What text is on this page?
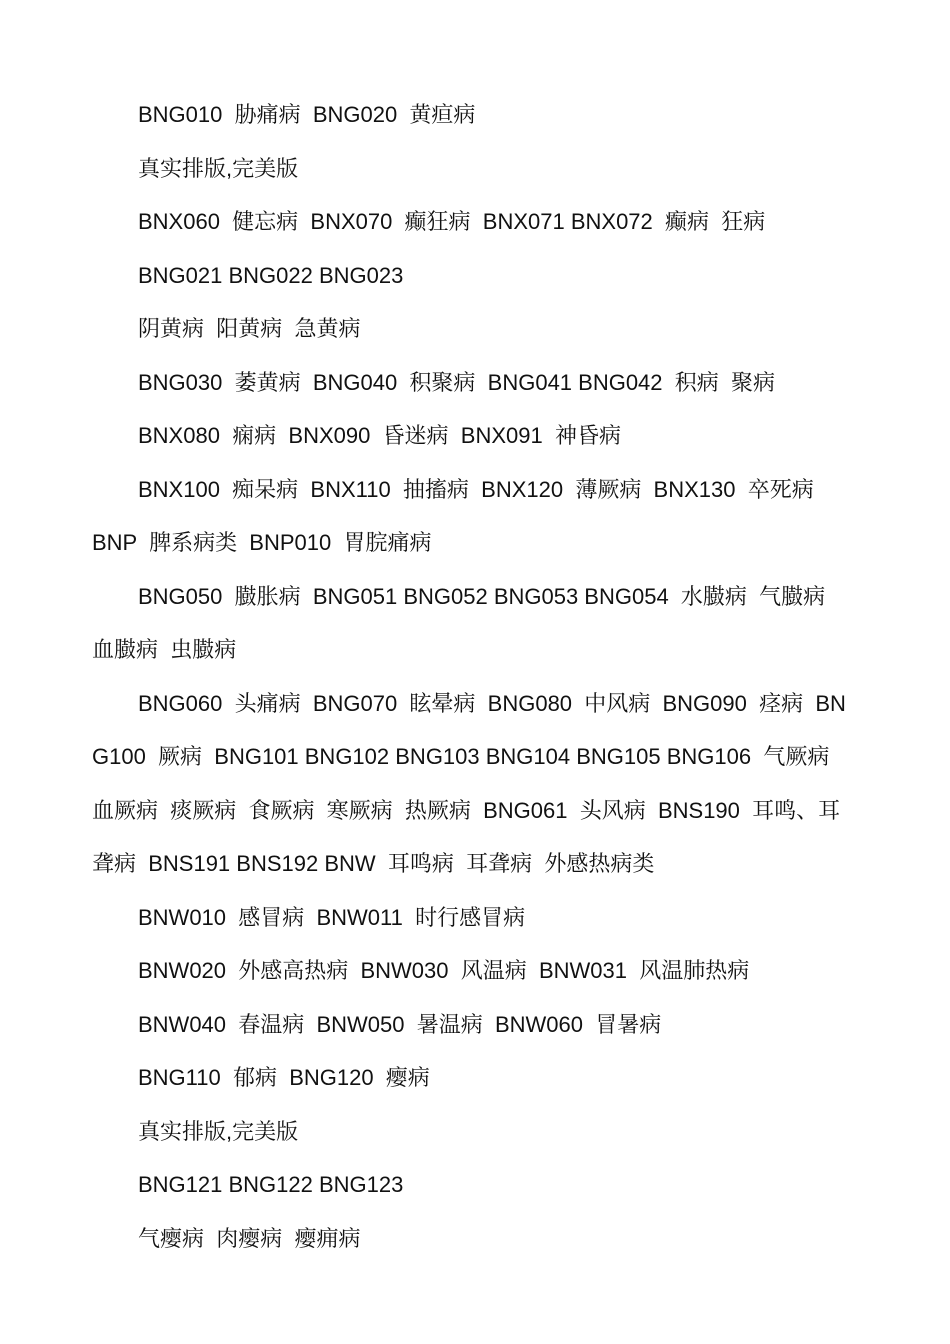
BNG010  胁痛病  BNG020  黄疸病

真实排版,完美版

BNX060  健忘病  BNX070  癫狂病  BNX071 BNX072  癫病  狂病

BNG021 BNG022 BNG023

阴黄病  阳黄病  急黄病

BNG030  萎黄病  BNG040  积聚病  BNG041 BNG042  积病  聚病

BNX080  痫病  BNX090  昏迷病  BNX091  神昏病

BNX100  痴呆病  BNX110  抽搐病  BNX120  薄厥病  BNX130  卒死病

BNP  脾系病类  BNP010  胃脘痛病

BNG050  臌胀病  BNG051 BNG052 BNG053 BNG054  水臌病  气臌病  血臌病  虫臌病

BNG060  头痛病  BNG070  眩晕病  BNG080  中风病  BNG090  痉病  BNG100  厥病  BNG101 BNG102 BNG103 BNG104 BNG105 BNG106  气厥病  血厥病  痰厥病  食厥病  寒厥病  热厥病  BNG061  头风病  BNS190  耳鸣、耳聋病  BNS191 BNS192 BNW  耳鸣病  耳聋病  外感热病类

BNW010  感冒病  BNW011  时行感冒病

BNW020  外感高热病  BNW030  风温病  BNW031  风温肺热病

BNW040  春温病  BNW050  暑温病  BNW060  冒暑病

BNG110  郁病  BNG120  瘿病

真实排版,完美版

BNG121 BNG122 BNG123

气瘿病  肉瘿病  瘿痈病
